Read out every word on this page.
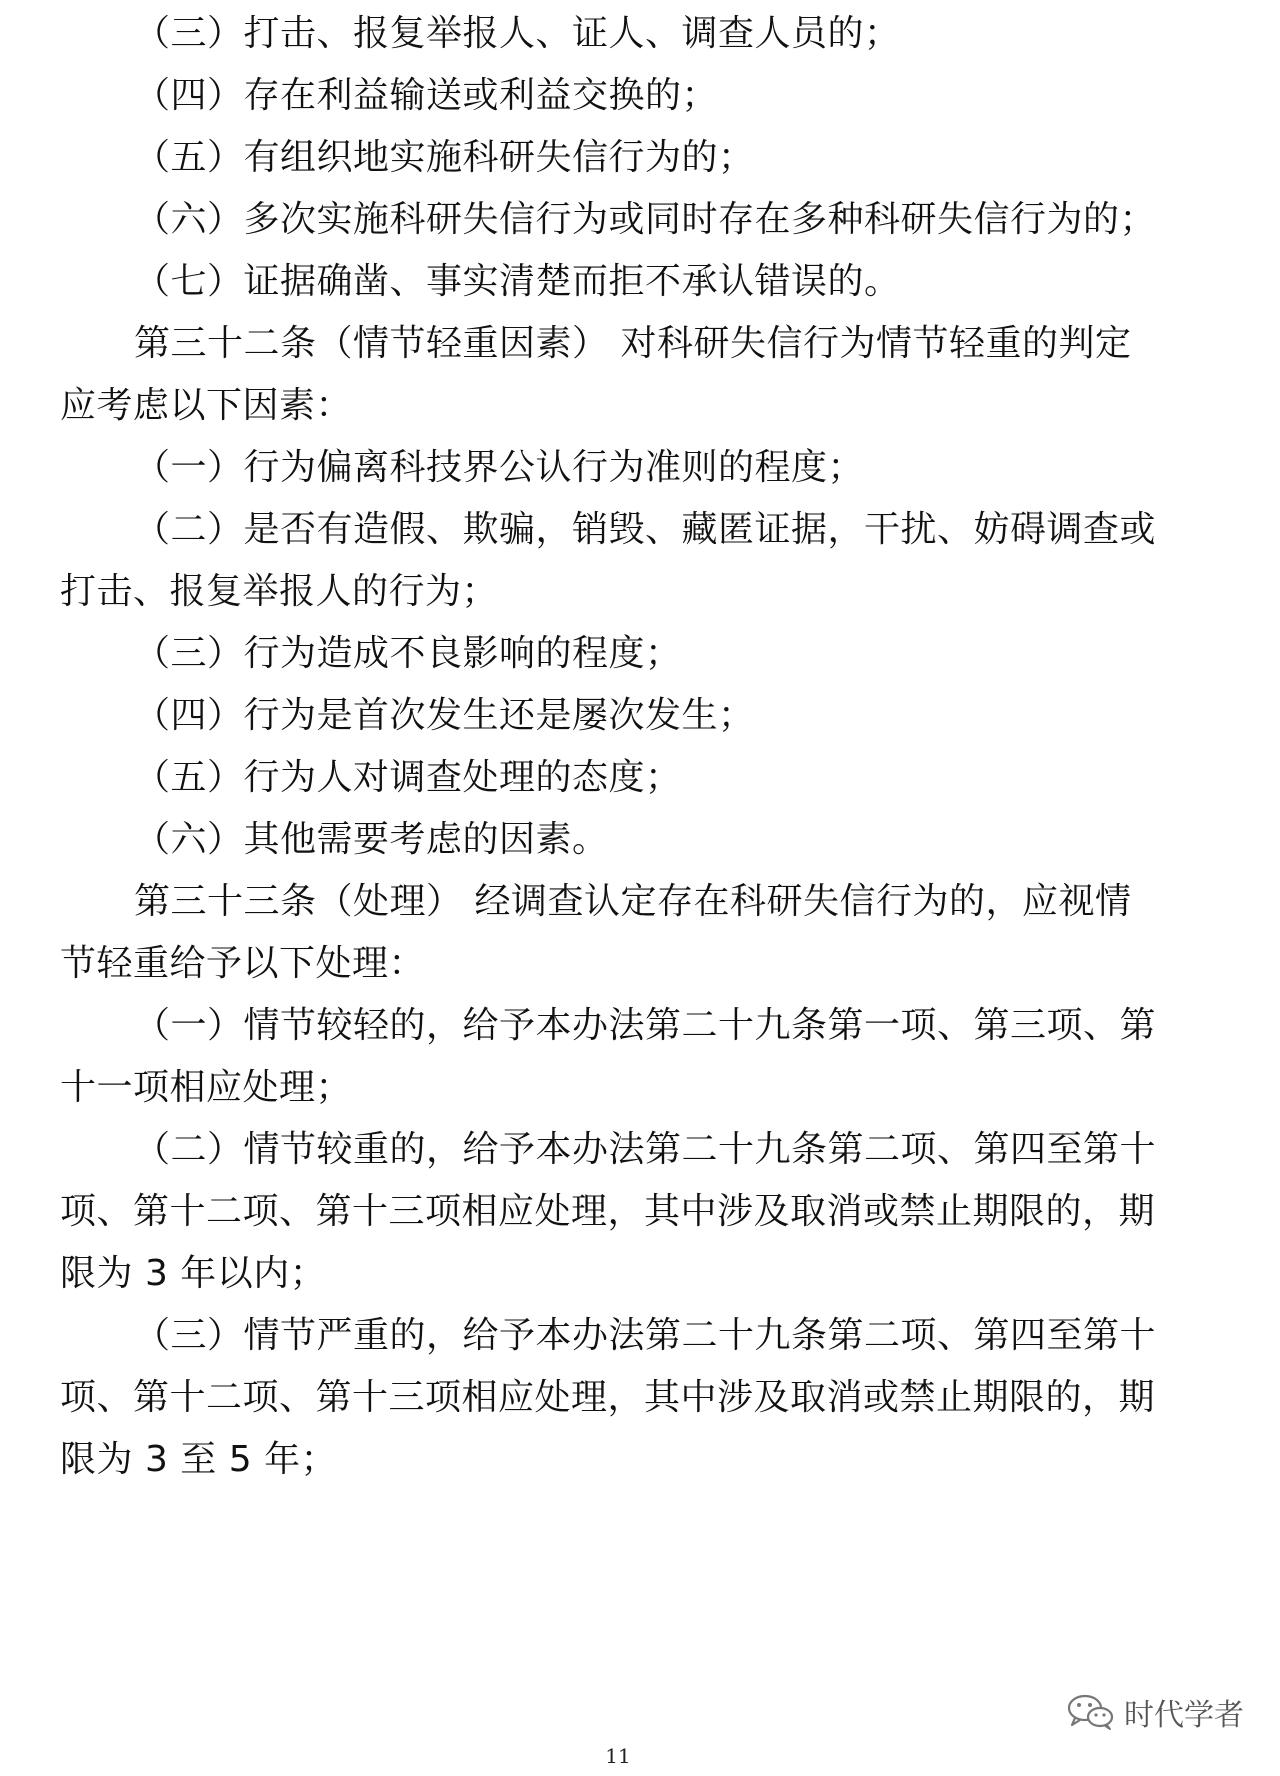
（三）打击、报复举报人、证人、调查人员的；
（四）存在利益输送或利益交换的；
（五）有组织地实施科研失信行为的；
（六）多次实施科研失信行为或同时存在多种科研失信行为的；
（七）证据确凿、事实清楚而拒不承认错误的。
第三十二条（情节轻重因素） 对科研失信行为情节轻重的判定
应考虑以下因素：
（一）行为偏离科技界公认行为准则的程度；
（二）是否有造假、欺骗，销毁、藏匿证据，干扰、妨碍调查或
打击、报复举报人的行为；
（三）行为造成不良影响的程度；
（四）行为是首次发生还是屡次发生；
（五）行为人对调查处理的态度；
（六）其他需要考虑的因素。
第三十三条（处理） 经调查认定存在科研失信行为的，应视情
节轻重给予以下处理：
（一）情节较轻的，给予本办法第二十九条第一项、第三项、第
十一项相应处理；
（二）情节较重的，给予本办法第二十九条第二项、第四至第十
项、第十二项、第十三项相应处理，其中涉及取消或禁止期限的，期
限为 3 年以内；
（三）情节严重的，给予本办法第二十九条第二项、第四至第十
项、第十二项、第十三项相应处理，其中涉及取消或禁止期限的，期
限为 3 至 5 年；
时代学者
11
